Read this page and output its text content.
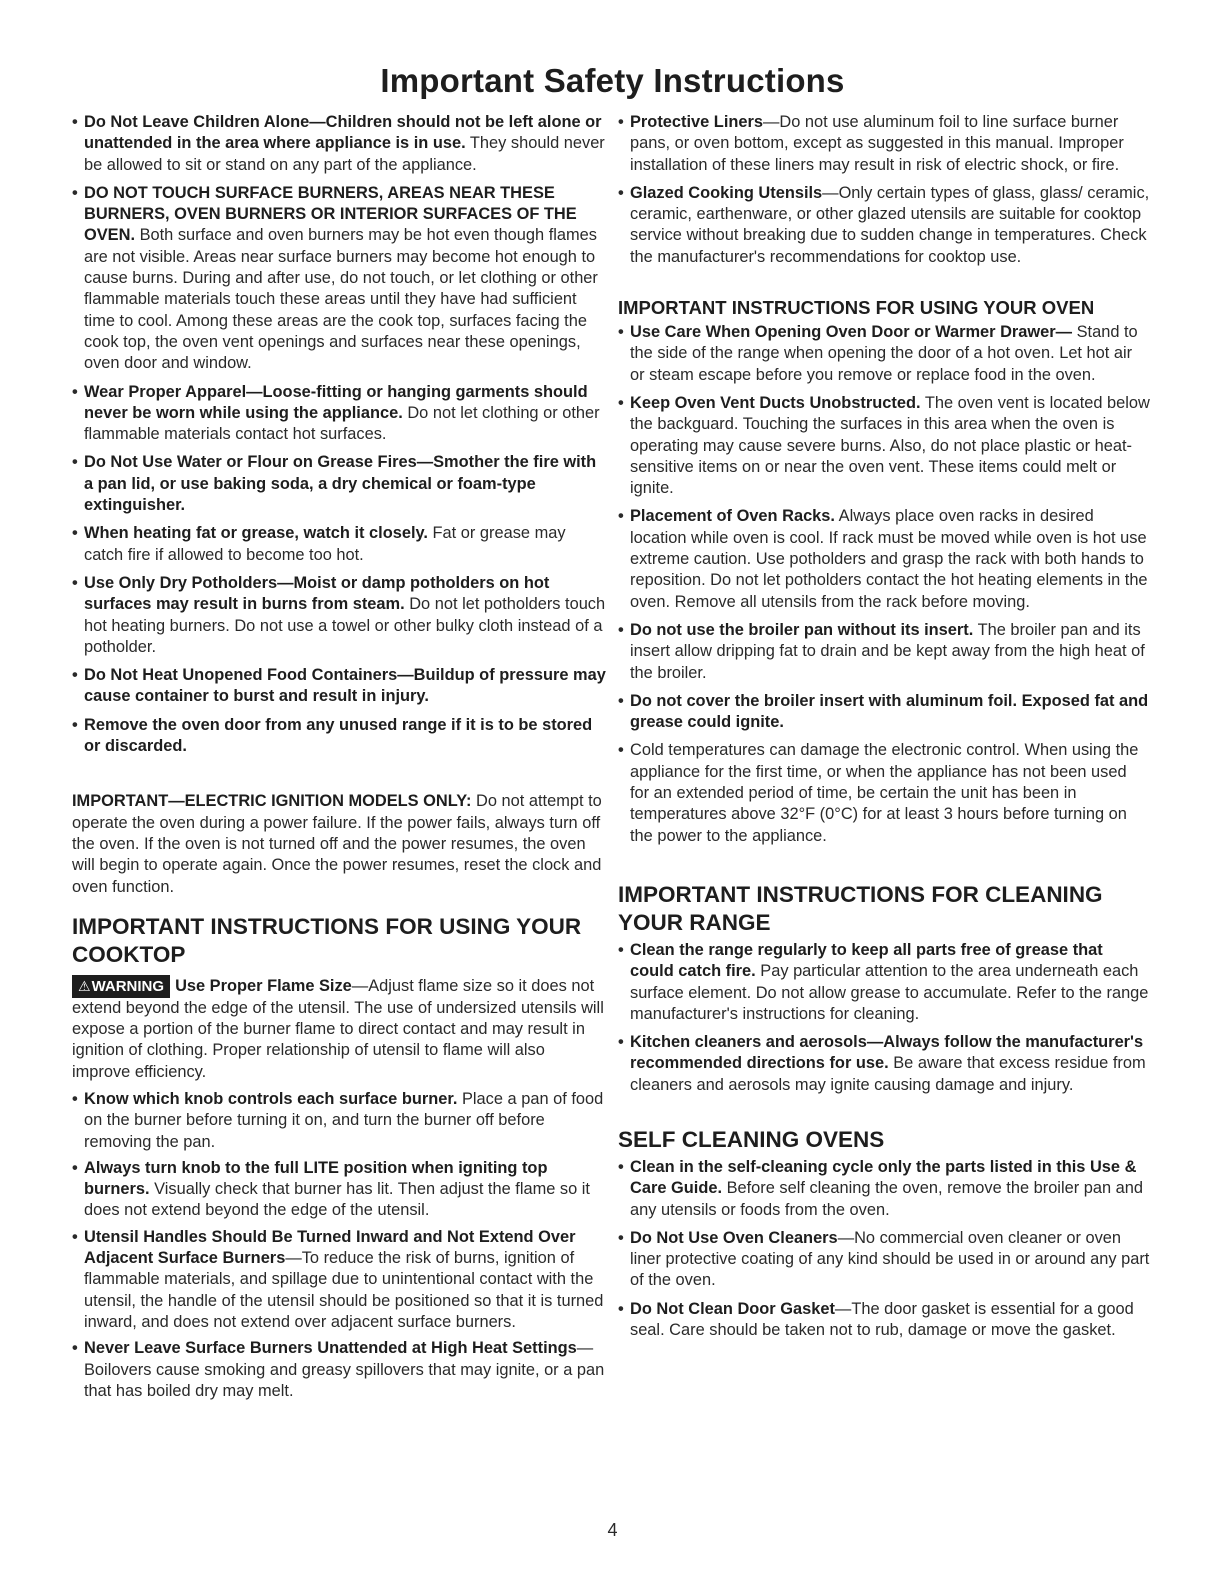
Important Safety Instructions
• Do Not Leave Children Alone—Children should not be left alone or unattended in the area where appliance is in use. They should never be allowed to sit or stand on any part of the appliance.
• DO NOT TOUCH SURFACE BURNERS, AREAS NEAR THESE BURNERS, OVEN BURNERS OR INTERIOR SURFACES OF THE OVEN. Both surface and oven burners may be hot even though flames are not visible. Areas near surface burners may become hot enough to cause burns. During and after use, do not touch, or let clothing or other flammable materials touch these areas until they have had sufficient time to cool. Among these areas are the cook top, surfaces facing the cook top, the oven vent openings and surfaces near these openings, oven door and window.
• Wear Proper Apparel—Loose-fitting or hanging garments should never be worn while using the appliance. Do not let clothing or other flammable materials contact hot surfaces.
• Do Not Use Water or Flour on Grease Fires—Smother the fire with a pan lid, or use baking soda, a dry chemical or foam-type extinguisher.
• When heating fat or grease, watch it closely. Fat or grease may catch fire if allowed to become too hot.
• Use Only Dry Potholders—Moist or damp potholders on hot surfaces may result in burns from steam. Do not let potholders touch hot heating burners. Do not use a towel or other bulky cloth instead of a potholder.
• Do Not Heat Unopened Food Containers—Buildup of pressure may cause container to burst and result in injury.
• Remove the oven door from any unused range if it is to be stored or discarded.

IMPORTANT—ELECTRIC IGNITION MODELS ONLY: Do not attempt to operate the oven during a power failure. If the power fails, always turn off the oven. If the oven is not turned off and the power resumes, the oven will begin to operate again. Once the power resumes, reset the clock and oven function.

IMPORTANT INSTRUCTIONS FOR USING YOUR COOKTOP

⚠WARNING Use Proper Flame Size—Adjust flame size so it does not extend beyond the edge of the utensil. The use of undersized utensils will expose a portion of the burner flame to direct contact and may result in ignition of clothing. Proper relationship of utensil to flame will also improve efficiency.

• Know which knob controls each surface burner. Place a pan of food on the burner before turning it on, and turn the burner off before removing the pan.
• Always turn knob to the full LITE position when igniting top burners. Visually check that burner has lit. Then adjust the flame so it does not extend beyond the edge of the utensil.
• Utensil Handles Should Be Turned Inward and Not Extend Over Adjacent Surface Burners—To reduce the risk of burns, ignition of flammable materials, and spillage due to unintentional contact with the utensil, the handle of the utensil should be positioned so that it is turned inward, and does not extend over adjacent surface burners.
• Never Leave Surface Burners Unattended at High Heat Settings—Boilovers cause smoking and greasy spillovers that may ignite, or a pan that has boiled dry may melt.
• Protective Liners—Do not use aluminum foil to line surface burner pans, or oven bottom, except as suggested in this manual. Improper installation of these liners may result in risk of electric shock, or fire.
• Glazed Cooking Utensils—Only certain types of glass, glass/ ceramic, ceramic, earthenware, or other glazed utensils are suitable for cooktop service without breaking due to sudden change in temperatures. Check the manufacturer's recommendations for cooktop use.
IMPORTANT INSTRUCTIONS FOR USING YOUR OVEN
• Use Care When Opening Oven Door or Warmer Drawer— Stand to the side of the range when opening the door of a hot oven. Let hot air or steam escape before you remove or replace food in the oven.
• Keep Oven Vent Ducts Unobstructed. The oven vent is located below the backguard. Touching the surfaces in this area when the oven is operating may cause severe burns. Also, do not place plastic or heat-sensitive items on or near the oven vent. These items could melt or ignite.
• Placement of Oven Racks. Always place oven racks in desired location while oven is cool. If rack must be moved while oven is hot use extreme caution. Use potholders and grasp the rack with both hands to reposition. Do not let potholders contact the hot heating elements in the oven. Remove all utensils from the rack before moving.
• Do not use the broiler pan without its insert. The broiler pan and its insert allow dripping fat to drain and be kept away from the high heat of the broiler.
• Do not cover the broiler insert with aluminum foil. Exposed fat and grease could ignite.
• Cold temperatures can damage the electronic control. When using the appliance for the first time, or when the appliance has not been used for an extended period of time, be certain the unit has been in temperatures above 32°F (0°C) for at least 3 hours before turning on the power to the appliance.
IMPORTANT INSTRUCTIONS FOR CLEANING YOUR RANGE
• Clean the range regularly to keep all parts free of grease that could catch fire. Pay particular attention to the area underneath each surface element. Do not allow grease to accumulate. Refer to the range manufacturer's instructions for cleaning.
• Kitchen cleaners and aerosols—Always follow the manufacturer's recommended directions for use. Be aware that excess residue from cleaners and aerosols may ignite causing damage and injury.
SELF CLEANING OVENS
• Clean in the self-cleaning cycle only the parts listed in this Use & Care Guide. Before self cleaning the oven, remove the broiler pan and any utensils or foods from the oven.
• Do Not Use Oven Cleaners—No commercial oven cleaner or oven liner protective coating of any kind should be used in or around any part of the oven.
• Do Not Clean Door Gasket—The door gasket is essential for a good seal. Care should be taken not to rub, damage or move the gasket.
4
